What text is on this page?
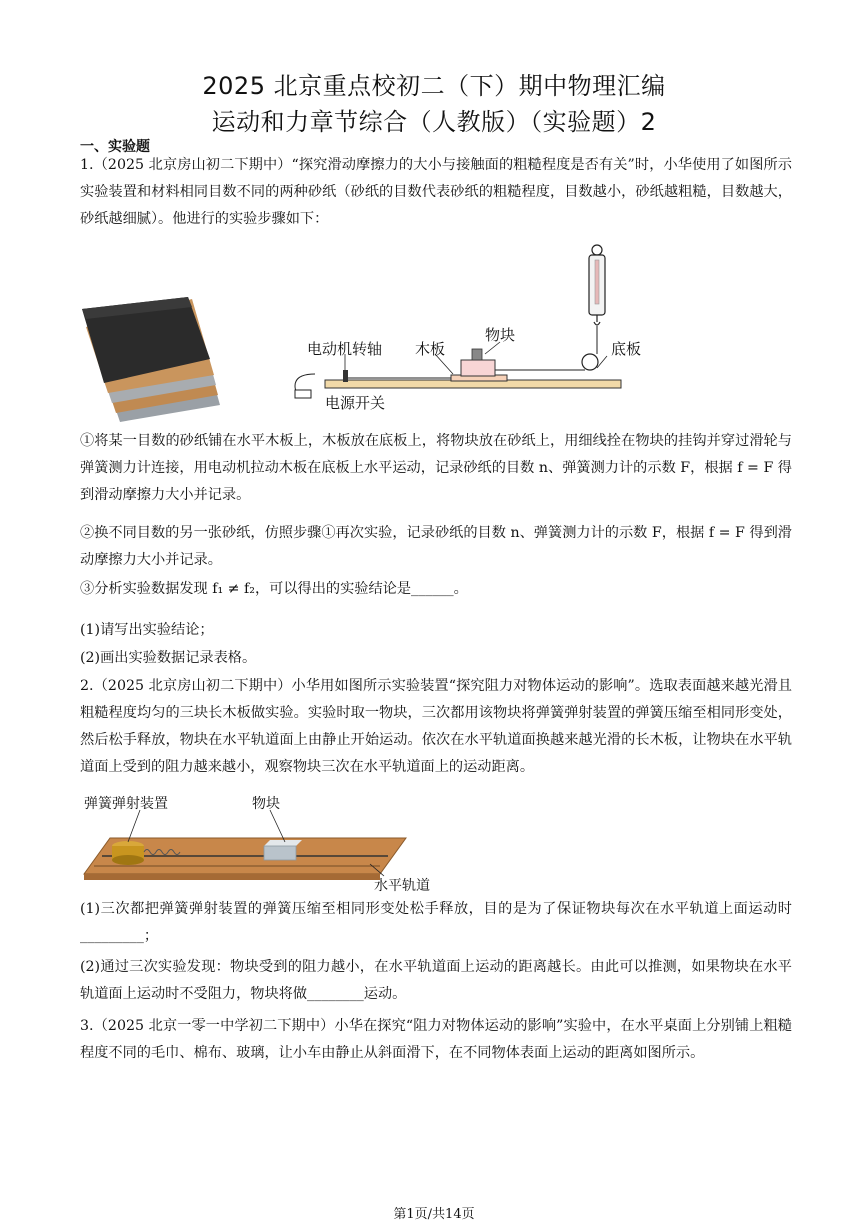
2025 北京重点校初二（下）期中物理汇编
运动和力章节综合（人教版）（实验题）2
一、实验题
1.（2025 北京房山初二下期中）“探究滑动摩擦力的大小与接触面的粗糙程度是否有关”时，小华使用了如图所示实验装置和材料相同目数不同的两种砂纸（砂纸的目数代表砂纸的粗糙程度，目数越小，砂纸越粗糙，目数越大，砂纸越细腻）。他进行的实验步骤如下：
电动机转轴 木板
物块
底板
电源开关
①将某一目数的砂纸铺在水平木板上，木板放在底板上，将物块放在砂纸上，用细线拴在物块的挂钩并穿过滑轮与弹簧测力计连接，用电动机拉动木板在底板上水平运动，记录砂纸的目数 n、弹簧测力计的示数 F，根据 f = F 得到滑动摩擦力大小并记录。
②换不同目数的另一张砂纸，仿照步骤①再次实验，记录砂纸的目数 n、弹簧测力计的示数 F，根据 f = F 得到滑动摩擦力大小并记录。
③分析实验数据发现 f₁ ≠ f₂，可以得出的实验结论是______。
(1)请写出实验结论；
(2)画出实验数据记录表格。
2.（2025 北京房山初二下期中）小华用如图所示实验装置“探究阻力对物体运动的影响”。选取表面越来越光滑且粗糙程度均匀的三块长木板做实验。实验时取一物块，三次都用该物块将弹簧弹射装置的弹簧压缩至相同形变处，然后松手释放，物块在水平轨道面上由静止开始运动。依次在水平轨道面换越来越光滑的长木板，让物块在水平轨道面上受到的阻力越来越小，观察物块三次在水平轨道面上的运动距离。
弹簧弹射装置	物块
水平轨道
(1)三次都把弹簧弹射装置的弹簧压缩至相同形变处松手释放，目的是为了保证物块每次在水平轨道上面运动时_________；
(2)通过三次实验发现：物块受到的阻力越小，在水平轨道面上运动的距离越长。由此可以推测，如果物块在水平轨道面上运动时不受阻力，物块将做________运动。
3.（2025 北京一零一中学初二下期中）小华在探究“阻力对物体运动的影响”实验中，在水平桌面上分别铺上粗糙程度不同的毛巾、棉布、玻璃，让小车由静止从斜面滑下，在不同物体表面上运动的距离如图所示。
第1页/共14页
